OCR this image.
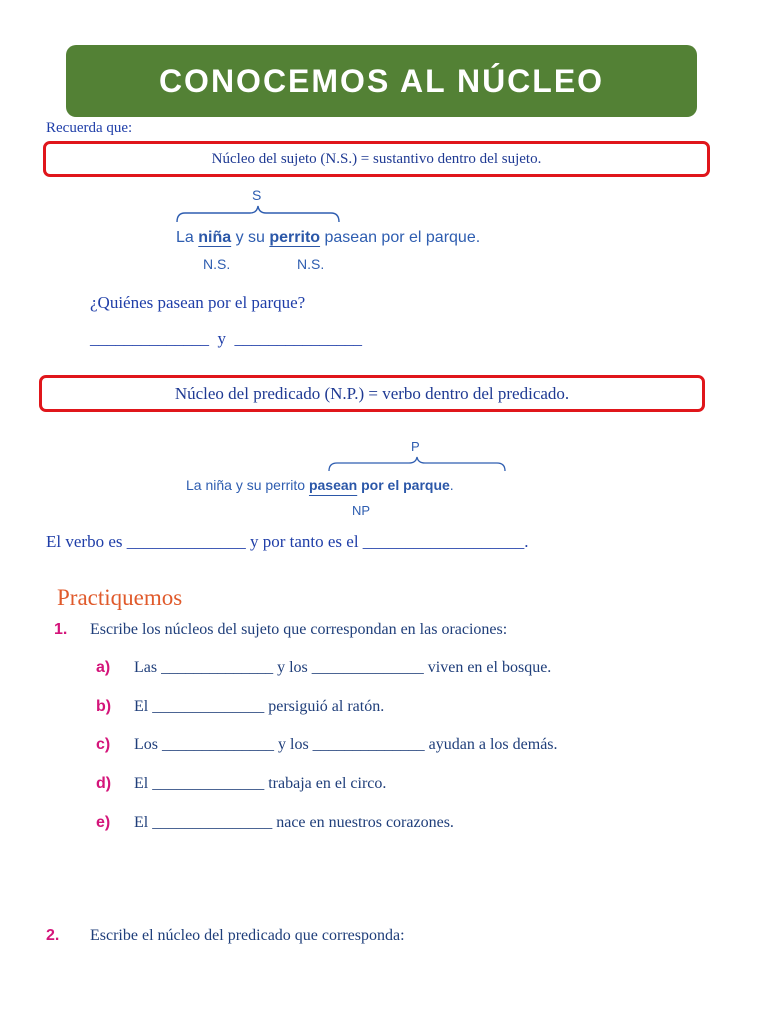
CONOCEMOS AL NÚCLEO
Recuerda que:
Núcleo del sujeto (N.S.) = sustantivo dentro del sujeto.
S
La niña y su perrito pasean por el parque.
N.S.	N.S.
¿Quiénes pasean por el parque?
______________  y  _______________
Núcleo del predicado (N.P.) = verbo dentro del predicado.
P
La niña y su perrito pasean por el parque.
NP
El verbo es ______________ y por tanto es el ___________________.
Practiquemos
1. Escribe los núcleos del sujeto que correspondan en las oraciones:
a) Las ______________ y los ______________ viven en el bosque.
b) El ______________ persiguió al ratón.
c) Los ______________ y los ______________ ayudan a los demás.
d) El ______________ trabaja en el circo.
e) El _______________ nace en nuestros corazones.
2. Escribe el núcleo del predicado que corresponda:
